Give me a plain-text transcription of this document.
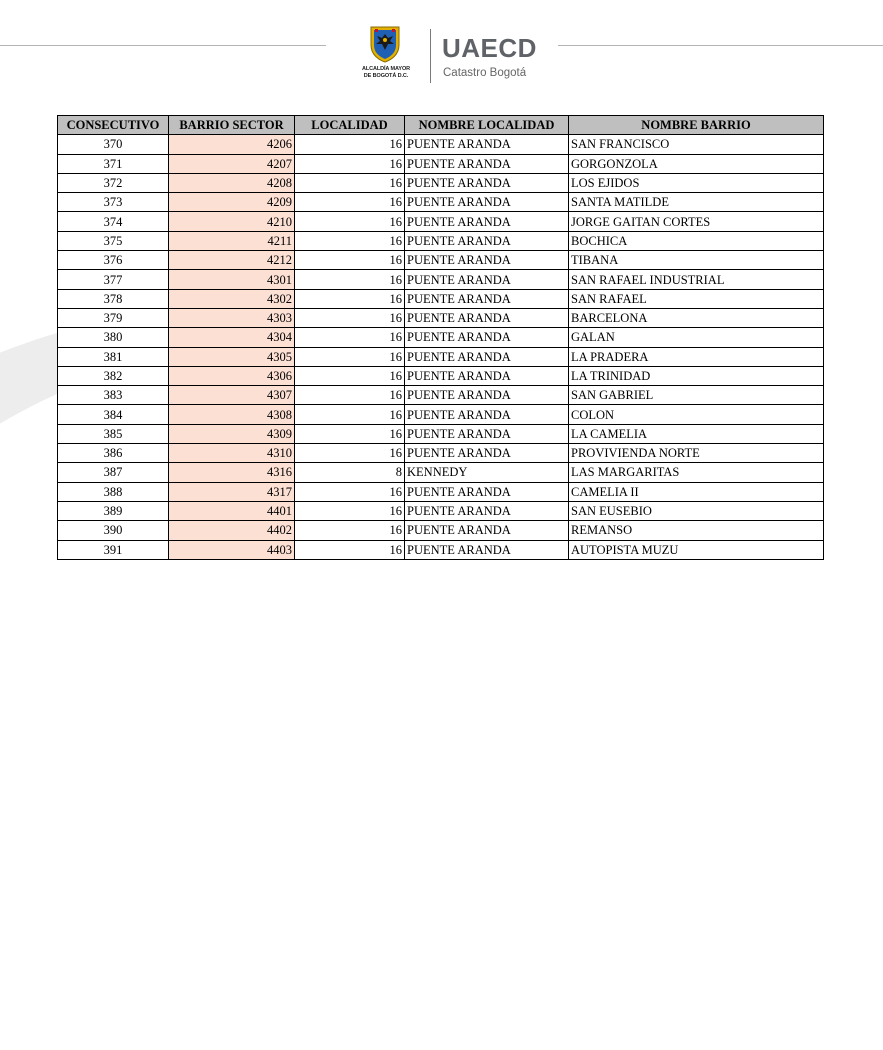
ALCALDÍA MAYOR
DE BOGOTÁ D.C.
UAECD
Catastro Bogotá
CONSECUTIVO	BARRIO SECTOR	LOCALIDAD	NOMBRE LOCALIDAD	NOMBRE BARRIO
370	4206	16	PUENTE ARANDA	SAN FRANCISCO
371	4207	16	PUENTE ARANDA	GORGONZOLA
372	4208	16	PUENTE ARANDA	LOS EJIDOS
373	4209	16	PUENTE ARANDA	SANTA MATILDE
374	4210	16	PUENTE ARANDA	JORGE GAITAN CORTES
375	4211	16	PUENTE ARANDA	BOCHICA
376	4212	16	PUENTE ARANDA	TIBANA
377	4301	16	PUENTE ARANDA	SAN RAFAEL INDUSTRIAL
378	4302	16	PUENTE ARANDA	SAN RAFAEL
379	4303	16	PUENTE ARANDA	BARCELONA
380	4304	16	PUENTE ARANDA	GALAN
381	4305	16	PUENTE ARANDA	LA PRADERA
382	4306	16	PUENTE ARANDA	LA TRINIDAD
383	4307	16	PUENTE ARANDA	SAN GABRIEL
384	4308	16	PUENTE ARANDA	COLON
385	4309	16	PUENTE ARANDA	LA CAMELIA
386	4310	16	PUENTE ARANDA	PROVIVIENDA NORTE
387	4316	8	KENNEDY	LAS MARGARITAS
388	4317	16	PUENTE ARANDA	CAMELIA II
389	4401	16	PUENTE ARANDA	SAN EUSEBIO
390	4402	16	PUENTE ARANDA	REMANSO
391	4403	16	PUENTE ARANDA	AUTOPISTA MUZU
